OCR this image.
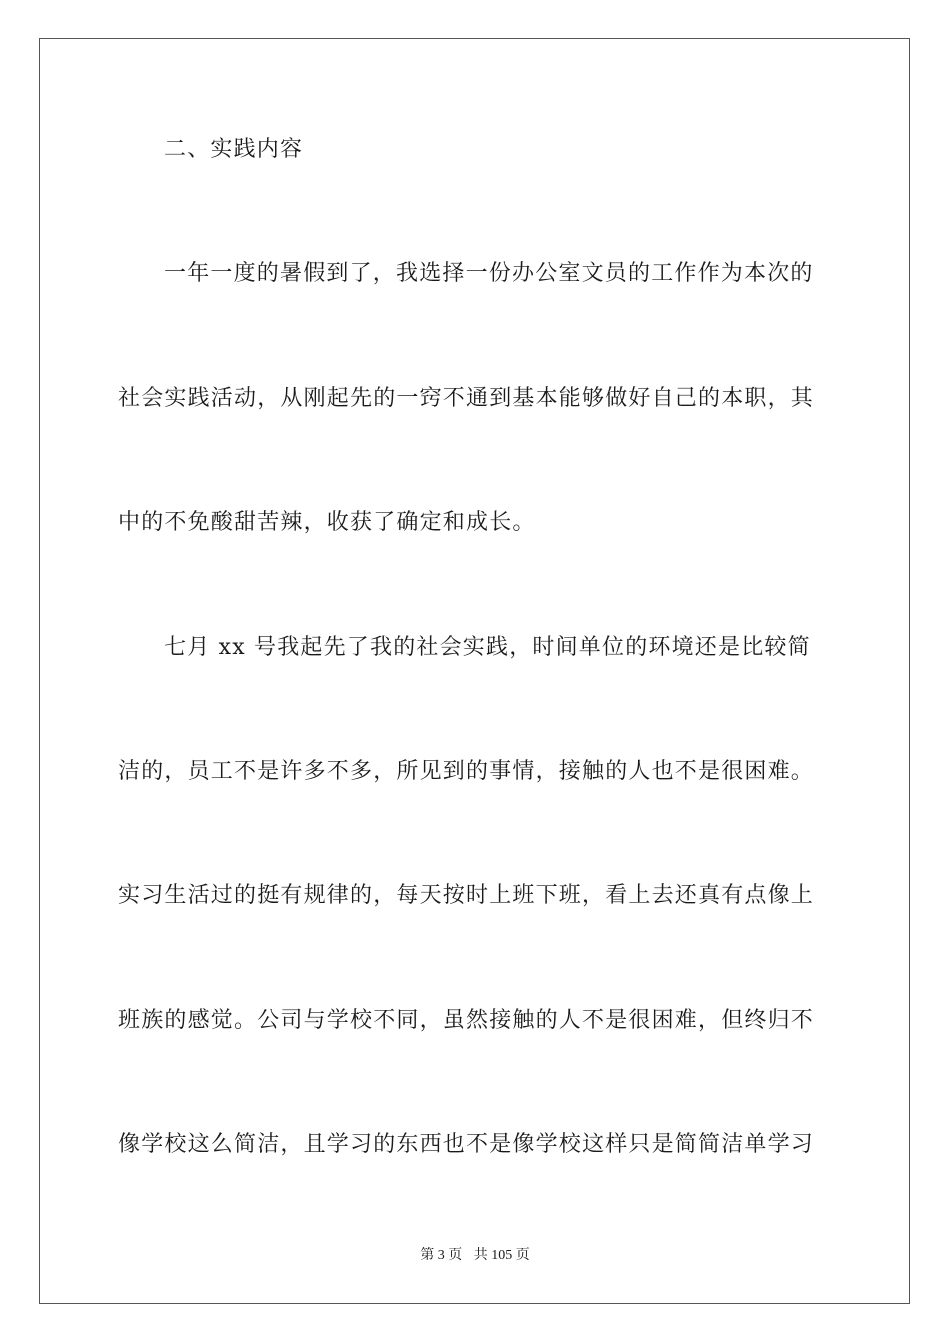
二、实践内容
一年一度的暑假到了，我选择一份办公室文员的工作作为本次的
社会实践活动，从刚起先的一窍不通到基本能够做好自己的本职，其
中的不免酸甜苦辣，收获了确定和成长。
七月 xx 号我起先了我的社会实践，时间单位的环境还是比较简
洁的，员工不是许多不多，所见到的事情，接触的人也不是很困难。
实习生活过的挺有规律的，每天按时上班下班，看上去还真有点像上
班族的感觉。公司与学校不同，虽然接触的人不是很困难，但终归不
像学校这么简洁，且学习的东西也不是像学校这样只是简简洁单学习
第 3 页 共 105 页
